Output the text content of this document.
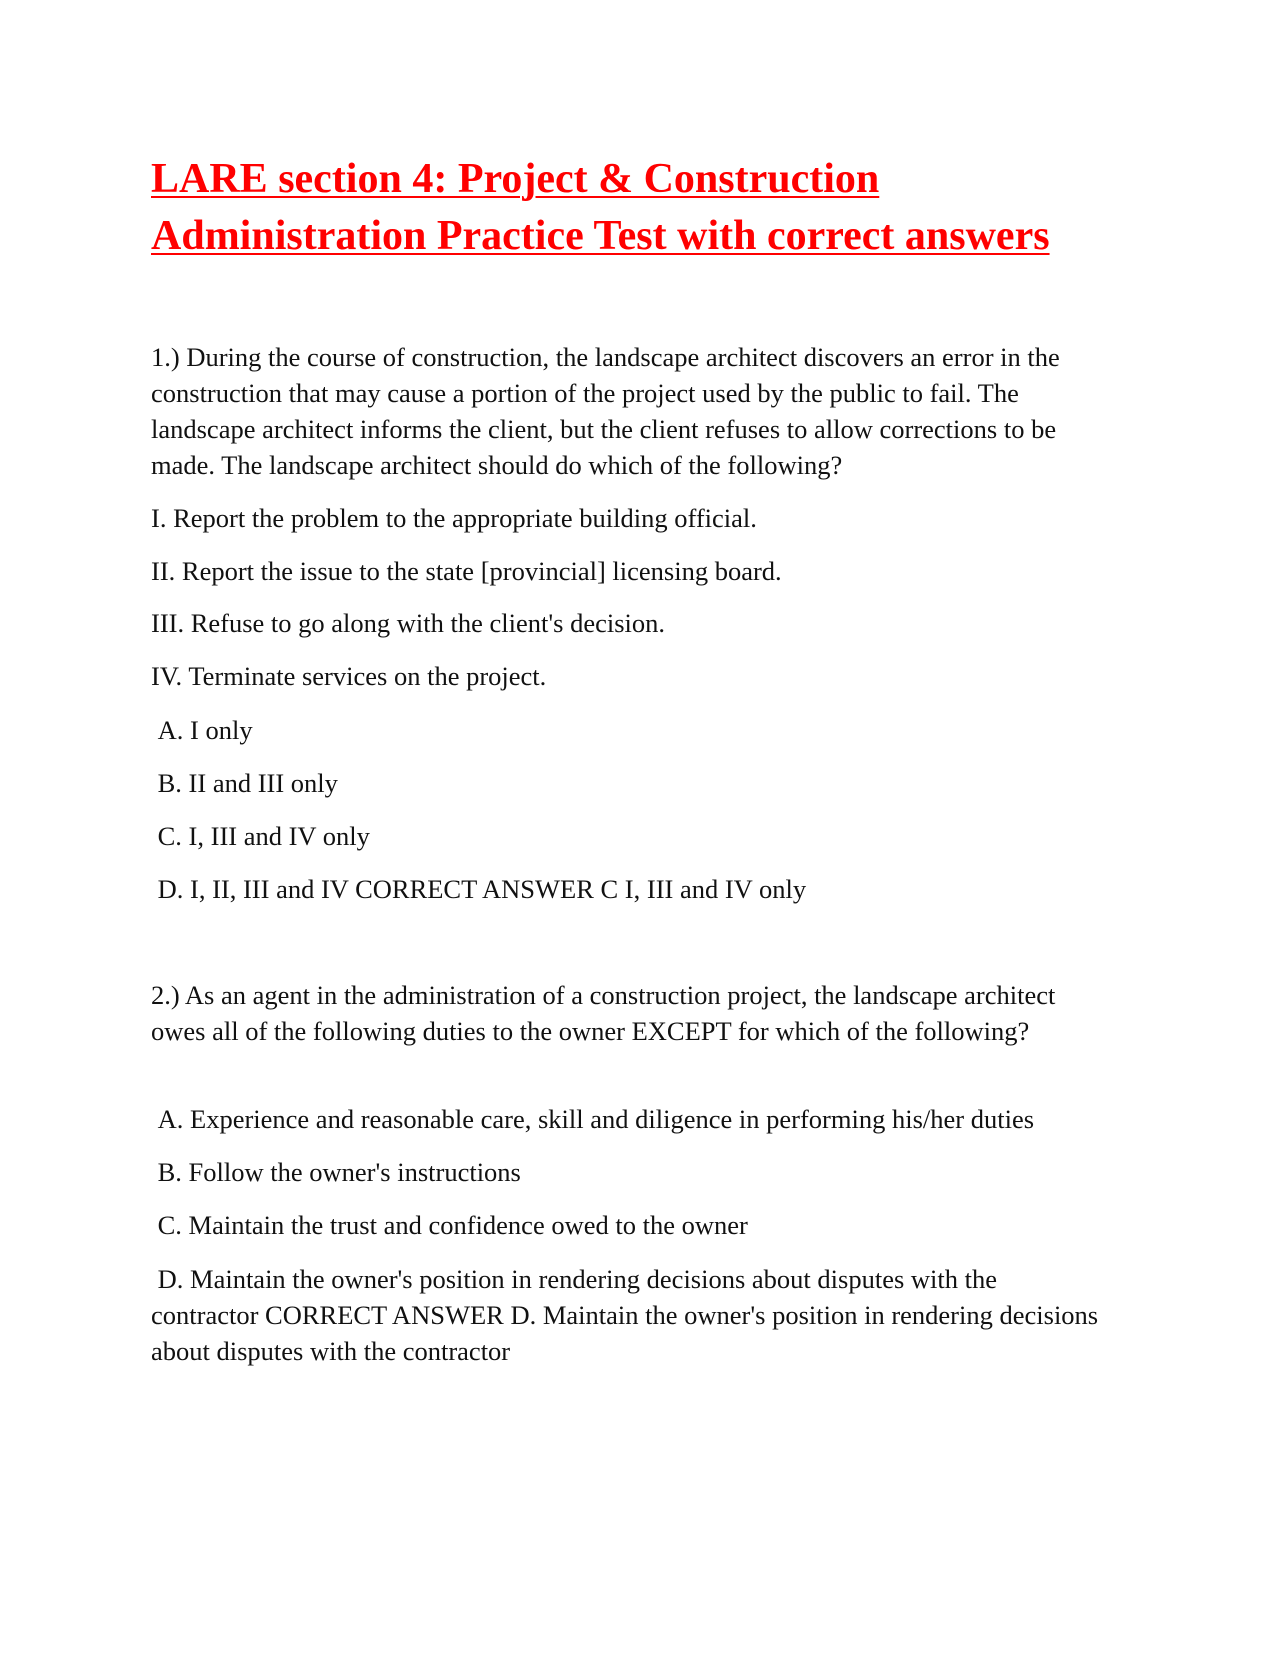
LARE section 4: Project & Construction Administration Practice Test with correct answers

1.) During the course of construction, the landscape architect discovers an error in the construction that may cause a portion of the project used by the public to fail. The landscape architect informs the client, but the client refuses to allow corrections to be made. The landscape architect should do which of the following?

I. Report the problem to the appropriate building official.

II. Report the issue to the state [provincial] licensing board.

III. Refuse to go along with the client's decision.

IV. Terminate services on the project.

A. I only

B. II and III only

C. I, III and IV only

D. I, II, III and IV CORRECT ANSWER C I, III and IV only

2.) As an agent in the administration of a construction project, the landscape architect owes all of the following duties to the owner EXCEPT for which of the following?

A. Experience and reasonable care, skill and diligence in performing his/her duties

B. Follow the owner's instructions

C. Maintain the trust and confidence owed to the owner

D. Maintain the owner's position in rendering decisions about disputes with the contractor CORRECT ANSWER D. Maintain the owner's position in rendering decisions about disputes with the contractor
